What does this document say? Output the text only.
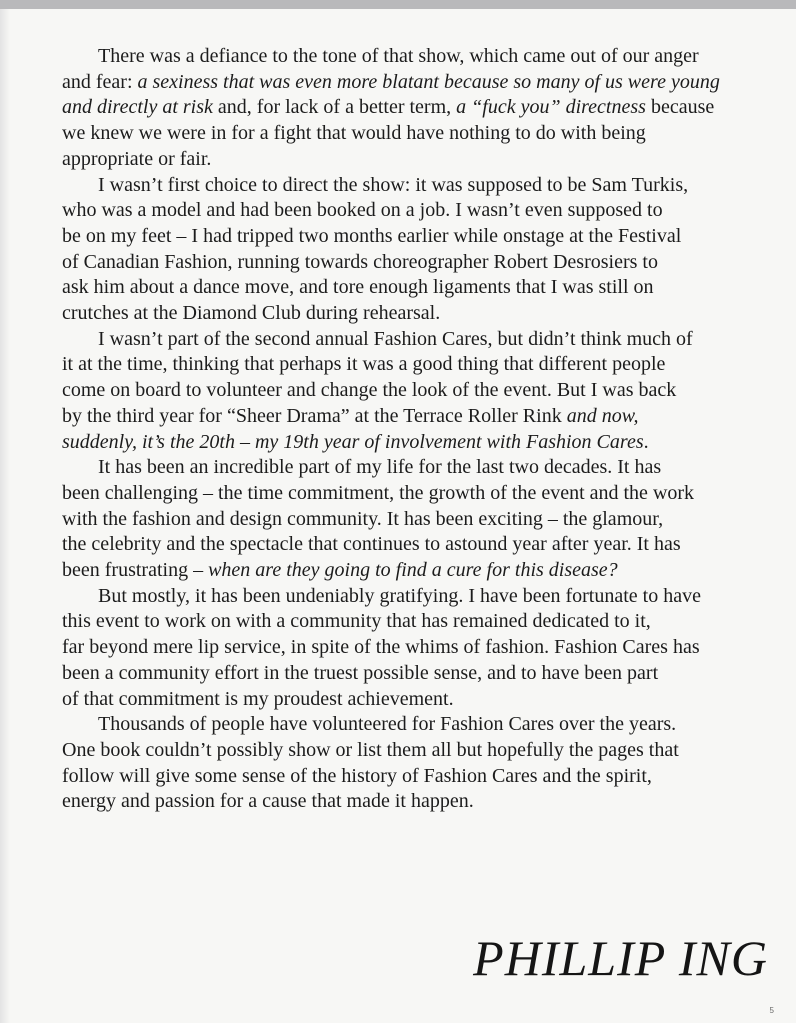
There was a defiance to the tone of that show, which came out of our anger
and fear: a sexiness that was even more blatant because so many of us were young
and directly at risk and, for lack of a better term, a “fuck you” directness because
we knew we were in for a fight that would have nothing to do with being
appropriate or fair.
I wasn’t first choice to direct the show: it was supposed to be Sam Turkis,
who was a model and had been booked on a job. I wasn’t even supposed to
be on my feet – I had tripped two months earlier while onstage at the Festival
of Canadian Fashion, running towards choreographer Robert Desrosiers to
ask him about a dance move, and tore enough ligaments that I was still on
crutches at the Diamond Club during rehearsal.
I wasn’t part of the second annual Fashion Cares, but didn’t think much of
it at the time, thinking that perhaps it was a good thing that different people
come on board to volunteer and change the look of the event. But I was back
by the third year for “Sheer Drama” at the Terrace Roller Rink and now,
suddenly, it’s the 20th – my 19th year of involvement with Fashion Cares.
It has been an incredible part of my life for the last two decades. It has
been challenging – the time commitment, the growth of the event and the work
with the fashion and design community. It has been exciting – the glamour,
the celebrity and the spectacle that continues to astound year after year. It has
been frustrating – when are they going to find a cure for this disease?
But mostly, it has been undeniably gratifying. I have been fortunate to have
this event to work on with a community that has remained dedicated to it,
far beyond mere lip service, in spite of the whims of fashion. Fashion Cares has
been a community effort in the truest possible sense, and to have been part
of that commitment is my proudest achievement.
Thousands of people have volunteered for Fashion Cares over the years.
One book couldn’t possibly show or list them all but hopefully the pages that
follow will give some sense of the history of Fashion Cares and the spirit,
energy and passion for a cause that made it happen.
PHILLIP ING
5
